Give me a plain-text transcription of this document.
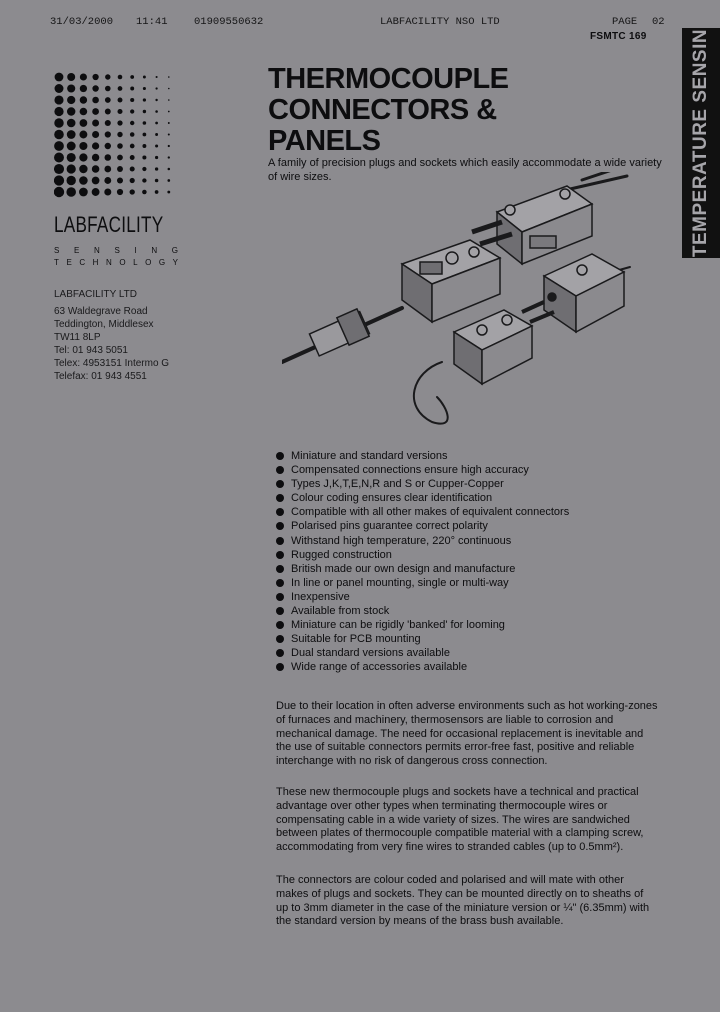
31/03/2000 11:41	01909550632	LABFACILITY NSO LTD	PAGE 02
FSMTC 169 TEMPERATURE SENSIN
LABFACILITY
S E N S I N G
T E C H N O L O G Y
LABFACILITY LTD
63 Waldegrave Road
Teddington, Middlesex
TW11 8LP
Tel: 01 943 5051
Telex: 4953151 Intermo G
Telefax: 01 943 4551
THERMOCOUPLE
CONNECTORS &
PANELS
A family of precision plugs and sockets which easily accommodate a wide variety of wire sizes.
Miniature and standard versions
Compensated connections ensure high accuracy
Types J,K,T,E,N,R and S or Cupper-Copper
Colour coding ensures clear identification
Compatible with all other makes of equivalent connectors
Polarised pins guarantee correct polarity
Withstand high temperature, 220° continuous
Rugged construction
British made our own design and manufacture
In line or panel mounting, single or multi-way
Inexpensive
Available from stock
Miniature can be rigidly 'banked' for looming
Suitable for PCB mounting
Dual standard versions available
Wide range of accessories available

Due to their location in often adverse environments such as hot working-zones of furnaces and machinery, thermosensors are liable to corrosion and mechanical damage. The need for occasional replacement is inevitable and the use of suitable connectors permits error-free fast, positive and reliable interchange with no risk of dangerous cross connection.

These new thermocouple plugs and sockets have a technical and practical advantage over other types when terminating thermocouple wires or compensating cable in a wide variety of sizes. The wires are sandwiched between plates of thermocouple compatible material with a clamping screw, accommodating from very fine wires to stranded cables (up to 0.5mm²).

The connectors are colour coded and polarised and will mate with other makes of plugs and sockets. They can be mounted directly on to sheaths of up to 3mm diameter in the case of the miniature version or ¼" (6.35mm) with the standard version by means of the brass bush available.
